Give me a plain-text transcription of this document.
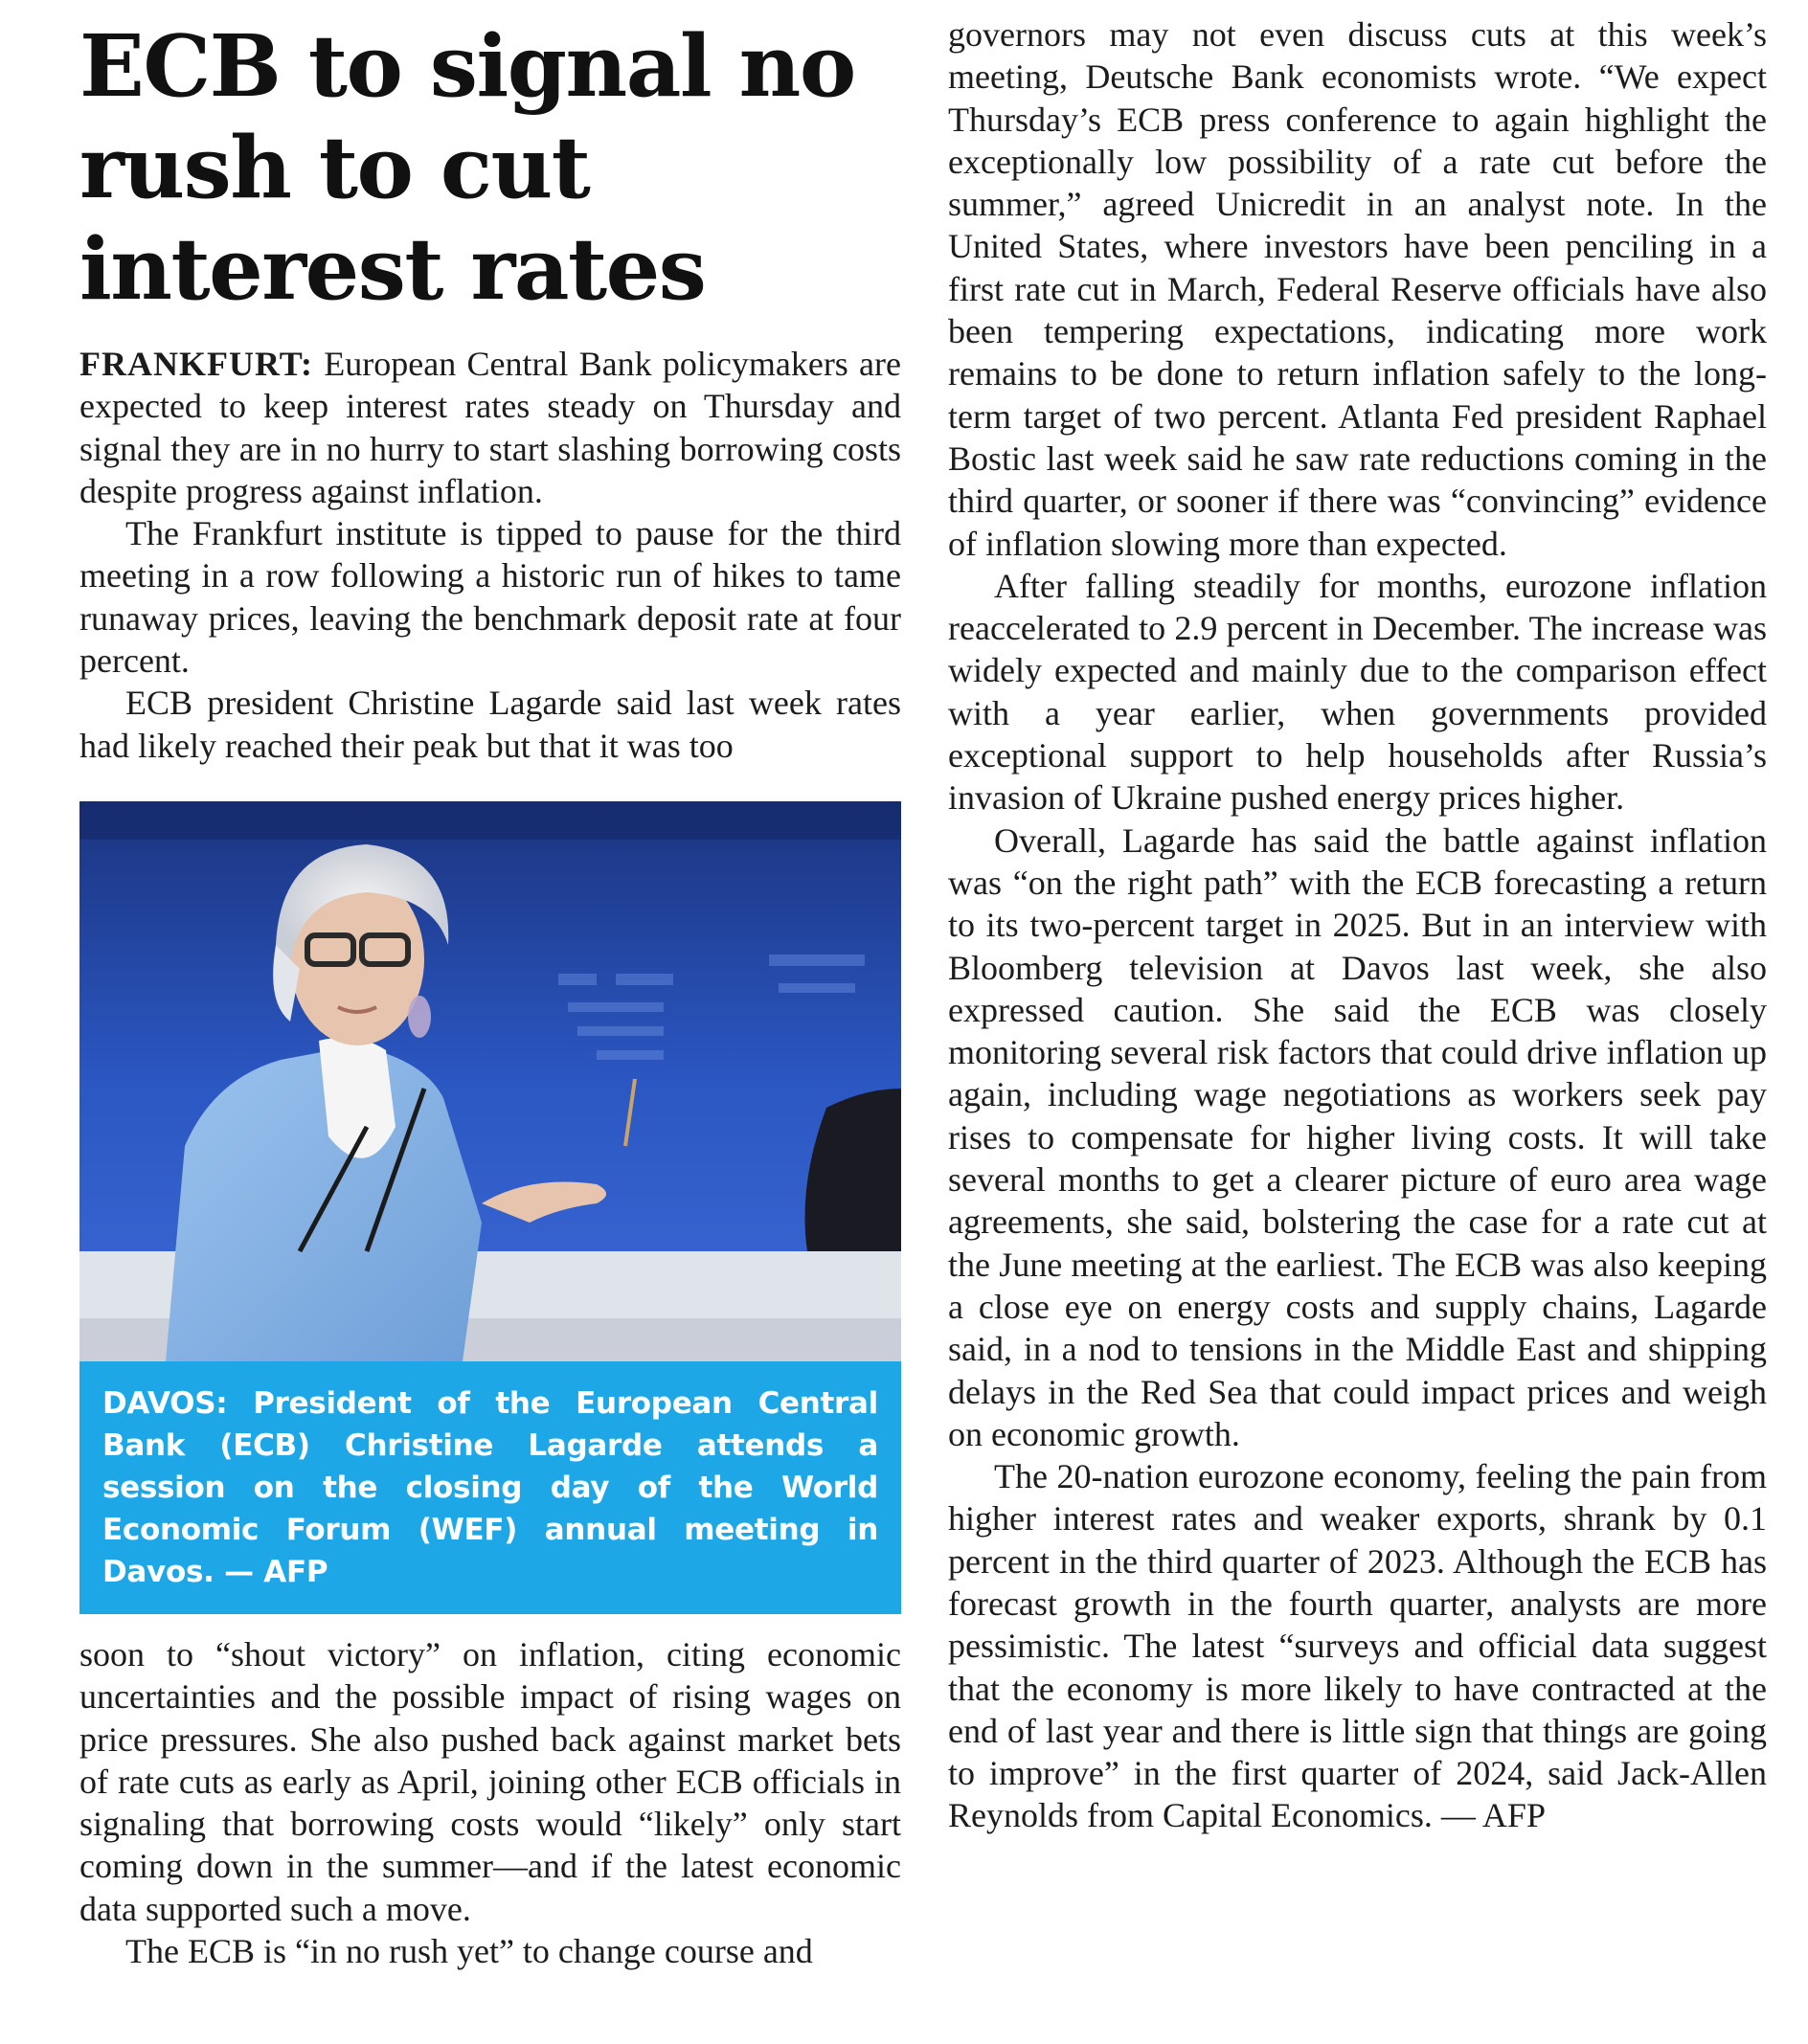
ECB to signal no rush to cut interest rates

FRANKFURT: European Central Bank policymakers are expected to keep interest rates steady on Thursday and signal they are in no hurry to start slashing borrowing costs despite progress against inflation.

The Frankfurt institute is tipped to pause for the third meeting in a row following a historic run of hikes to tame runaway prices, leaving the benchmark deposit rate at four percent.

ECB president Christine Lagarde said last week rates had likely reached their peak but that it was too

DAVOS: President of the European Central Bank (ECB) Christine Lagarde attends a session on the closing day of the World Economic Forum (WEF) annual meeting in Davos. — AFP

soon to “shout victory” on inflation, citing economic uncertainties and the possible impact of rising wages on price pressures. She also pushed back against market bets of rate cuts as early as April, joining other ECB officials in signaling that borrowing costs would “likely” only start coming down in the summer—and if the latest economic data supported such a move.

The ECB is “in no rush yet” to change course and

governors may not even discuss cuts at this week’s meeting, Deutsche Bank economists wrote. “We expect Thursday’s ECB press conference to again highlight the exceptionally low possibility of a rate cut before the summer,” agreed Unicredit in an analyst note. In the United States, where investors have been penciling in a first rate cut in March, Federal Reserve officials have also been tempering expectations, indicating more work remains to be done to return inflation safely to the long-term target of two percent. Atlanta Fed president Raphael Bostic last week said he saw rate reductions coming in the third quarter, or sooner if there was “convincing” evidence of inflation slowing more than expected.

After falling steadily for months, eurozone inflation reaccelerated to 2.9 percent in December. The increase was widely expected and mainly due to the comparison effect with a year earlier, when governments provided exceptional support to help households after Russia’s invasion of Ukraine pushed energy prices higher.

Overall, Lagarde has said the battle against inflation was “on the right path” with the ECB forecasting a return to its two-percent target in 2025. But in an interview with Bloomberg television at Davos last week, she also expressed caution. She said the ECB was closely monitoring several risk factors that could drive inflation up again, including wage negotiations as workers seek pay rises to compensate for higher living costs. It will take several months to get a clearer picture of euro area wage agreements, she said, bolstering the case for a rate cut at the June meeting at the earliest. The ECB was also keeping a close eye on energy costs and supply chains, Lagarde said, in a nod to tensions in the Middle East and shipping delays in the Red Sea that could impact prices and weigh on economic growth.

The 20-nation eurozone economy, feeling the pain from higher interest rates and weaker exports, shrank by 0.1 percent in the third quarter of 2023. Although the ECB has forecast growth in the fourth quarter, analysts are more pessimistic. The latest “surveys and official data suggest that the economy is more likely to have contracted at the end of last year and there is little sign that things are going to improve” in the first quarter of 2024, said Jack-Allen Reynolds from Capital Economics. — AFP
